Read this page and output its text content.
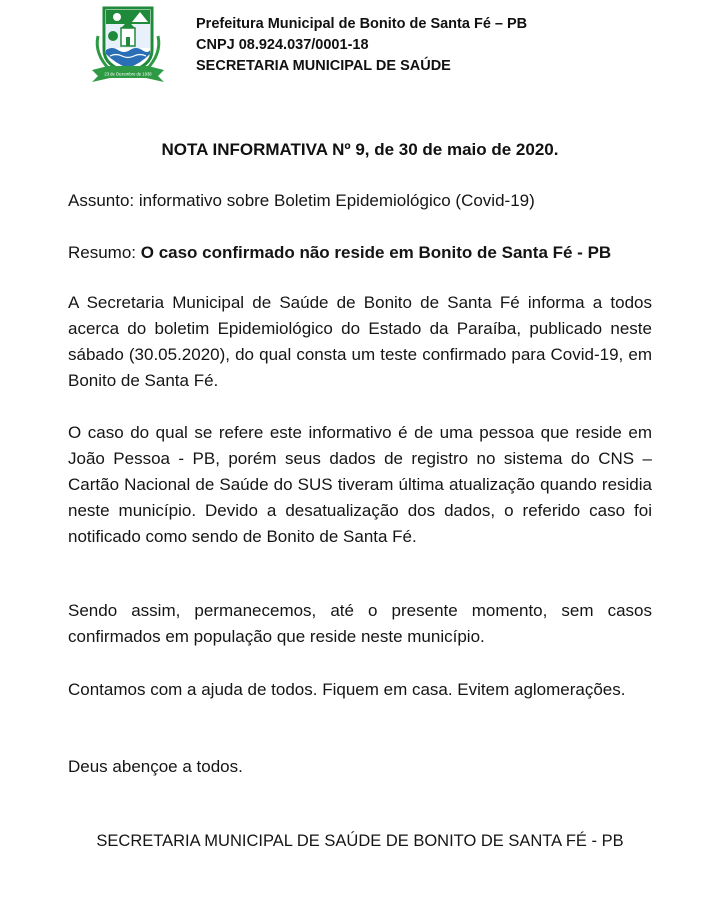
23 de Dezembro de 1938
Prefeitura Municipal de Bonito de Santa Fé – PB
CNPJ 08.924.037/0001-18
SECRETARIA MUNICIPAL DE SAÚDE
NOTA INFORMATIVA Nº 9, de 30 de maio de 2020.

Assunto: informativo sobre Boletim Epidemiológico (Covid-19)

Resumo: O caso confirmado não reside em Bonito de Santa Fé - PB

A Secretaria Municipal de Saúde de Bonito de Santa Fé informa a todos acerca do boletim Epidemiológico do Estado da Paraíba, publicado neste sábado (30.05.2020), do qual consta um teste confirmado para Covid-19, em Bonito de Santa Fé.

O caso do qual se refere este informativo é de uma pessoa que reside em João Pessoa - PB, porém seus dados de registro no sistema do CNS – Cartão Nacional de Saúde do SUS tiveram última atualização quando residia neste município. Devido a desatualização dos dados, o referido caso foi notificado como sendo de Bonito de Santa Fé.

Sendo assim, permanecemos, até o presente momento, sem casos confirmados em população que reside neste município.

Contamos com a ajuda de todos. Fiquem em casa. Evitem aglomerações.

Deus abençoe a todos.

SECRETARIA MUNICIPAL DE SAÚDE DE BONITO DE SANTA FÉ - PB
